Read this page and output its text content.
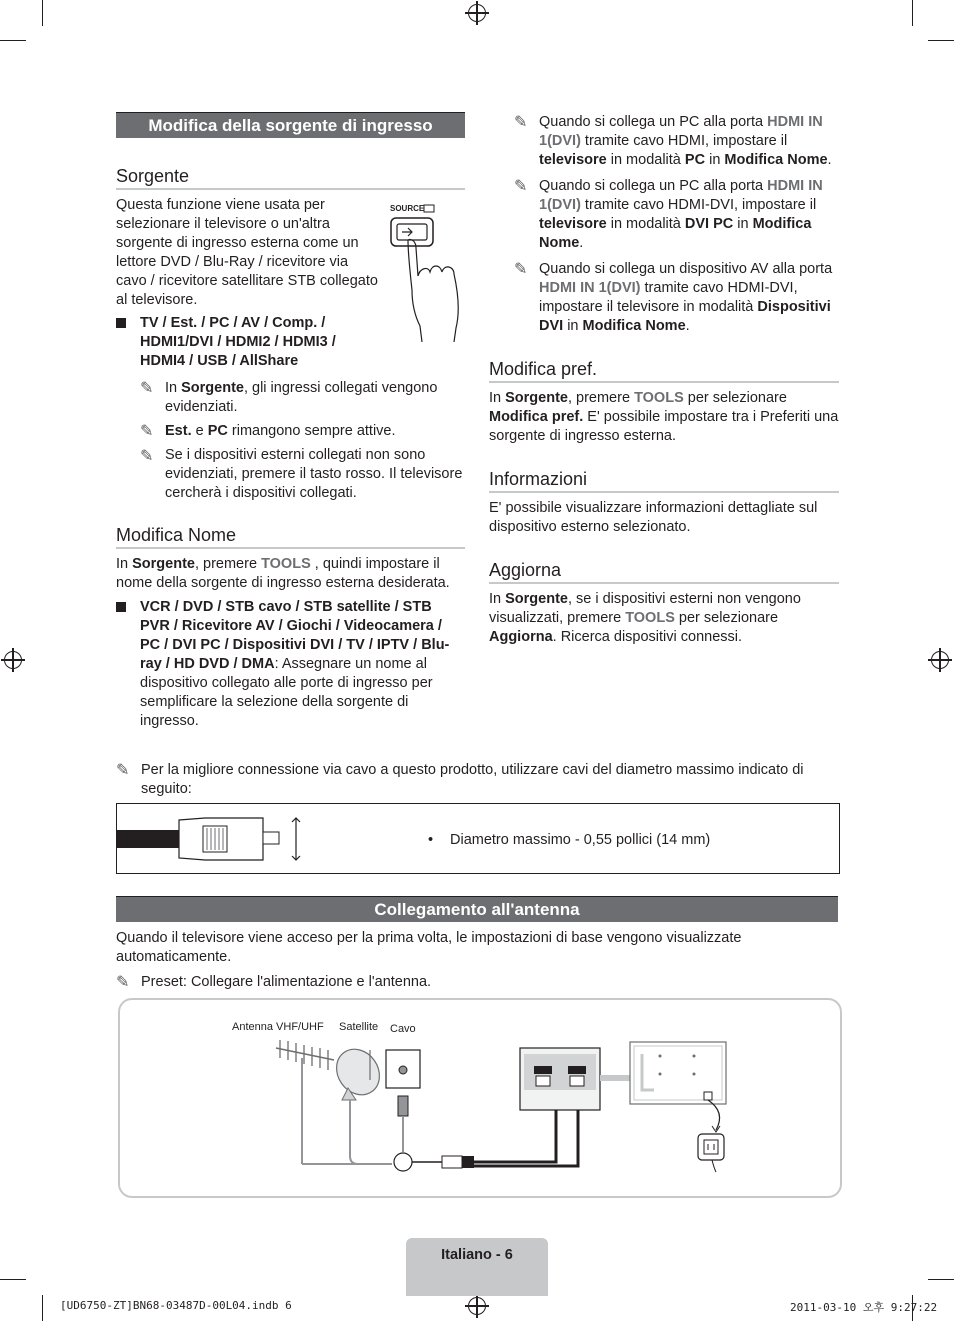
Modifica della sorgente di ingresso
Sorgente
Questa funzione viene usata per selezionare il televisore o un'altra sorgente di ingresso esterna come un lettore DVD / Blu-Ray / ricevitore via cavo / ricevitore satellitare STB collegato al televisore.
SOURCE
TV / Est. / PC / AV / Comp. / HDMI1/DVI / HDMI2 / HDMI3 / HDMI4 / USB / AllShare
✎ In Sorgente, gli ingressi collegati vengono evidenziati.
✎ Est. e PC rimangono sempre attive.
✎ Se i dispositivi esterni collegati non sono evidenziati, premere il tasto rosso. Il televisore cercherà i dispositivi collegati.
Modifica Nome
In Sorgente, premere TOOLS , quindi impostare il nome della sorgente di ingresso esterna desiderata.
VCR / DVD / STB cavo / STB satellite / STB PVR / Ricevitore AV / Giochi / Videocamera / PC / DVI PC / Dispositivi DVI / TV / IPTV / Blu-ray / HD DVD / DMA: Assegnare un nome al dispositivo collegato alle porte di ingresso per semplificare la selezione della sorgente di ingresso.
✎ Quando si collega un PC alla porta HDMI IN 1(DVI) tramite cavo HDMI, impostare il televisore in modalità PC in Modifica Nome.
✎ Quando si collega un PC alla porta HDMI IN 1(DVI) tramite cavo HDMI-DVI, impostare il televisore in modalità DVI PC in Modifica Nome.
✎ Quando si collega un dispositivo AV alla porta HDMI IN 1(DVI) tramite cavo HDMI-DVI, impostare il televisore in modalità Dispositivi DVI in Modifica Nome.
Modifica pref.
In Sorgente, premere TOOLS per selezionare Modifica pref. E' possibile impostare tra i Preferiti una sorgente di ingresso esterna.
Informazioni
E' possibile visualizzare informazioni dettagliate sul dispositivo esterno selezionato.
Aggiorna
In Sorgente, se i dispositivi esterni non vengono visualizzati, premere TOOLS per selezionare Aggiorna. Ricerca dispositivi connessi.
✎ Per la migliore connessione via cavo a questo prodotto, utilizzare cavi del diametro massimo indicato di seguito:
• Diametro massimo - 0,55 pollici (14 mm)
Collegamento all'antenna
Quando il televisore viene acceso per la prima volta, le impostazioni di base vengono visualizzate automaticamente.
✎ Preset: Collegare l'alimentazione e l'antenna.
Antenna VHF/UHF Satellite Cavo
Italiano - 6
[UD6750-ZT]BN68-03487D-00L04.indb 6	2011-03-10 오후 9:27:22
